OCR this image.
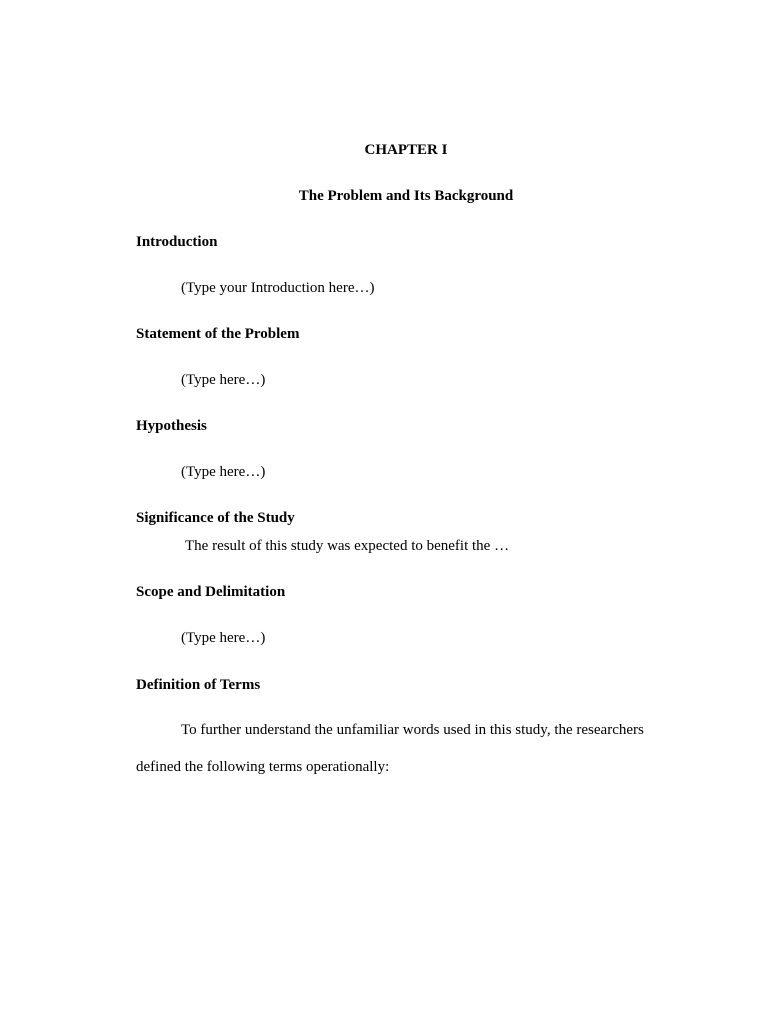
CHAPTER I
The Problem and Its Background
Introduction
(Type your Introduction here…)
Statement of the Problem
(Type here…)
Hypothesis
(Type here…)
Significance of the Study
The result of this study was expected to benefit the …
Scope and Delimitation
(Type here…)
Definition of Terms
To further understand the unfamiliar words used in this study, the researchers
defined the following terms operationally:
